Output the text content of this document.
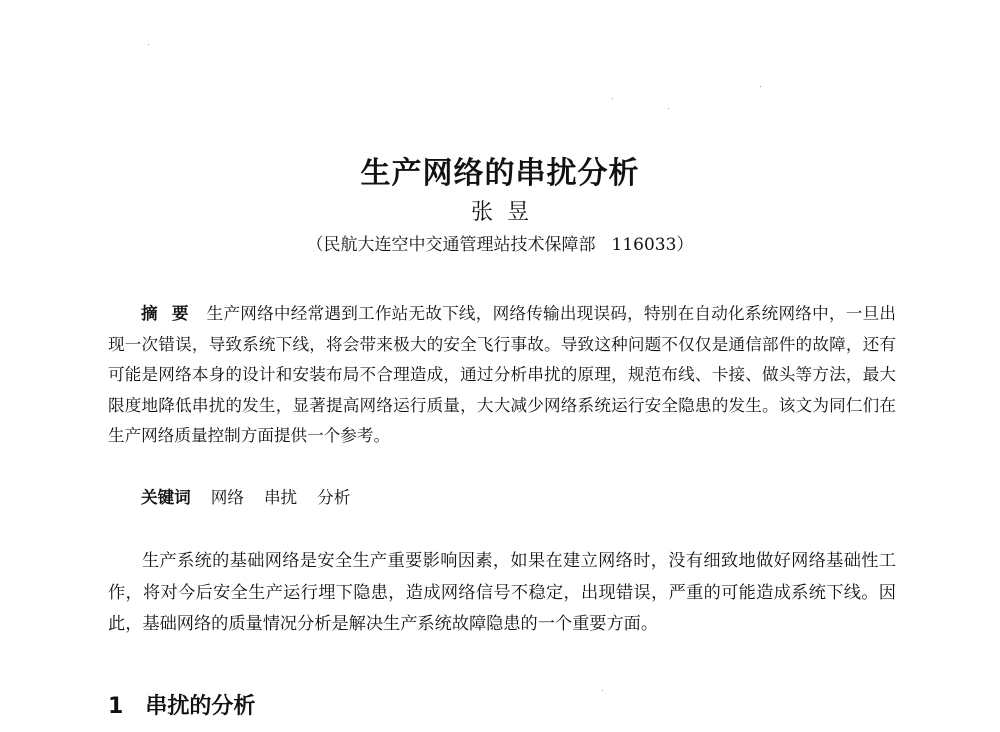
生产网络的串扰分析
张昱
（民航大连空中交通管理站技术保障部 116033）

摘要 生产网络中经常遇到工作站无故下线，网络传输出现误码，特别在自动化系统网络中，一旦出现一次错误，导致系统下线，将会带来极大的安全飞行事故。导致这种问题不仅仅是通信部件的故障，还有可能是网络本身的设计和安装布局不合理造成，通过分析串扰的原理，规范布线、卡接、做头等方法，最大限度地降低串扰的发生，显著提高网络运行质量，大大减少网络系统运行安全隐患的发生。该文为同仁们在生产网络质量控制方面提供一个参考。

关键词 网络 串扰 分析

生产系统的基础网络是安全生产重要影响因素，如果在建立网络时，没有细致地做好网络基础性工作，将对今后安全生产运行埋下隐患，造成网络信号不稳定，出现错误，严重的可能造成系统下线。因此，基础网络的质量情况分析是解决生产系统故障隐患的一个重要方面。

1 串扰的分析
